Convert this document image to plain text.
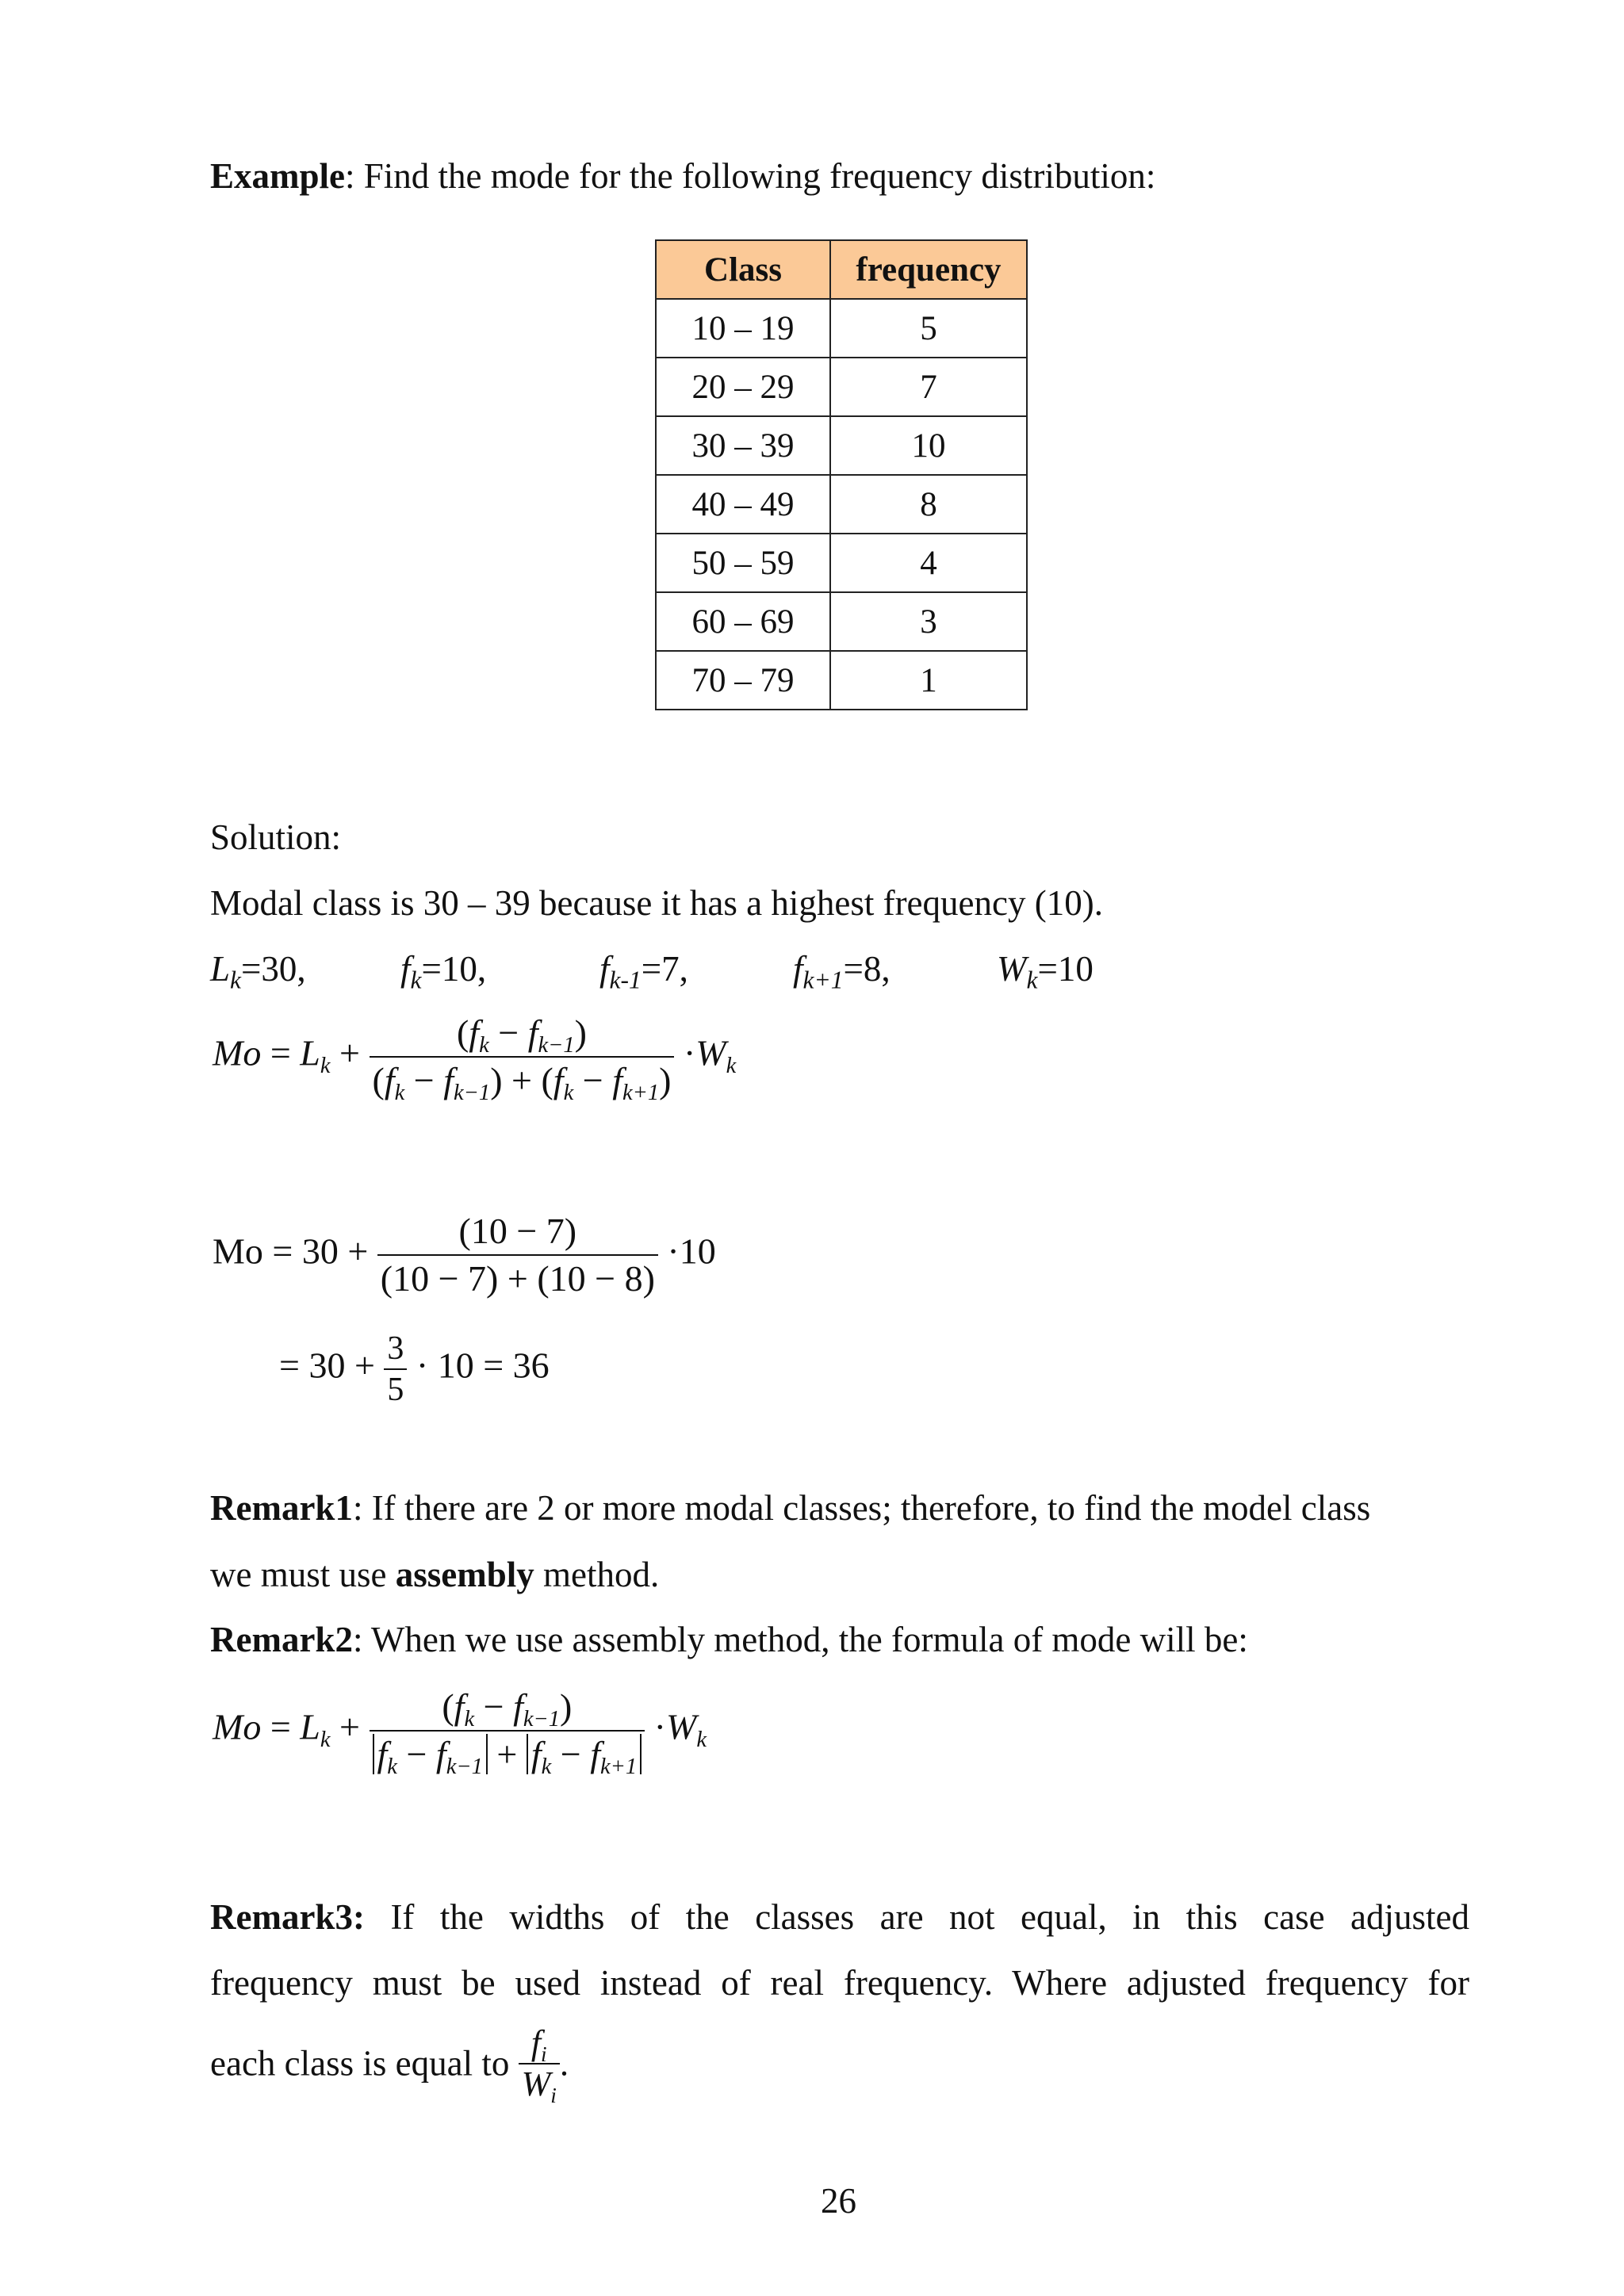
Example: Find the mode for the following frequency distribution:
Class	frequency
10 – 19	5
20 – 29	7
30 – 39	10
40 – 49	8
50 – 59	4
60 – 69	3
70 – 79	1
Solution:
Modal class is 30 – 39 because it has a highest frequency (10).
$L_k=30$,	$f_k=10$,	$f_{k-1}=7$,	$f_{k+1}=8$,	$W_k=10$
$Mo = Lk + \frac{(fk - fk-1)}{(fk - fk-1) + (fk - fk+1)} \cdot Wk$
$Mo = 30 + \frac{(10 - 7)}{(10 - 7) + (10 - 8)} \cdot 10$
= $30 + \frac{3}{5} \cdot 10 = 36$
Remark1: If there are 2 or more modal classes; therefore, to find the model class
we must use assembly method.
Remark2: When we use assembly method, the formula of mode will be:
$Mo = Lk + \frac{(fk - fk-1)}{fk - fk-1 + fk - fk+1} \cdot Wk$
Remark3: If the widths of the classes are not equal, in this case adjusted
frequency must be used instead of real frequency. Where adjusted frequency for
each class is equal to $\frac{fi}{Wi}$ .
26
